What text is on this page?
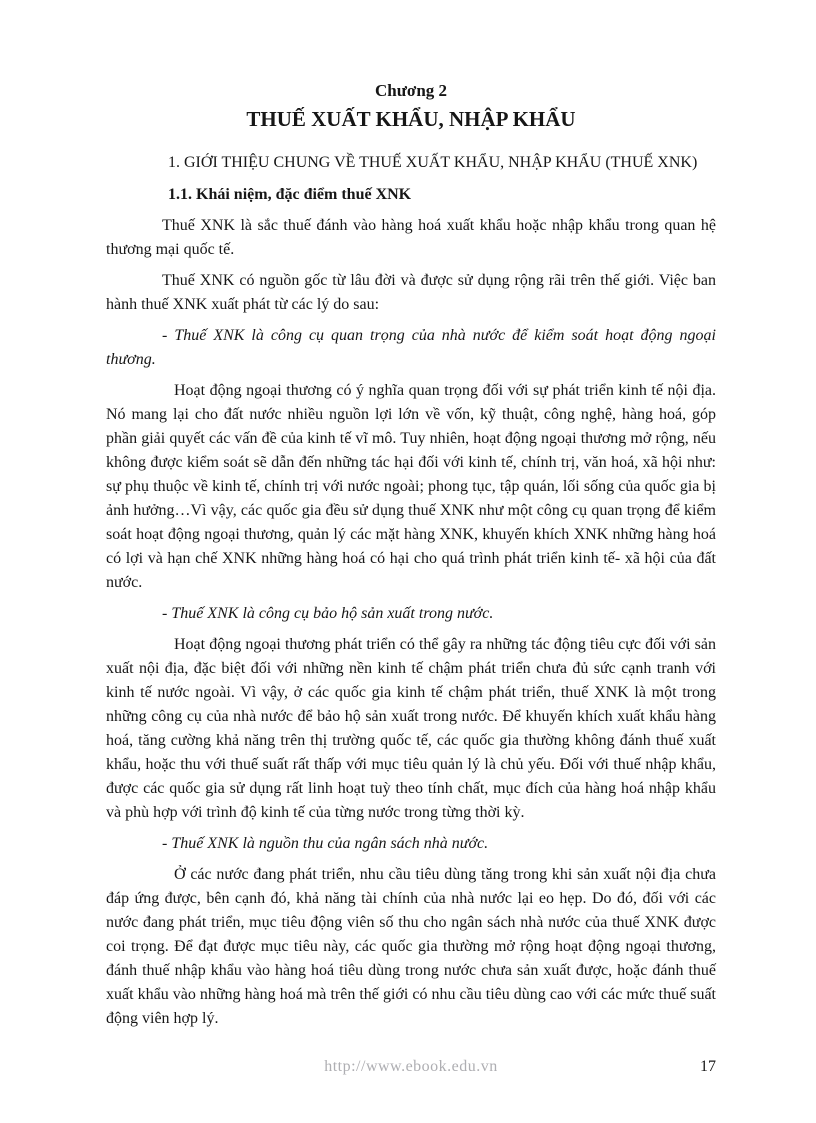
Chương 2

THUẾ XUẤT KHẨU, NHẬP KHẨU

1. GIỚI THIỆU CHUNG VỀ THUẾ XUẤT KHẨU, NHẬP KHẨU (THUẾ XNK)

1.1. Khái niệm, đặc điểm thuế XNK

Thuế XNK là sắc thuế đánh vào hàng hoá xuất khẩu hoặc nhập khẩu trong quan hệ thương mại quốc tế.

Thuế XNK có nguồn gốc từ lâu đời và được sử dụng rộng rãi trên thế giới. Việc ban hành thuế XNK xuất phát từ các lý do sau:

- Thuế XNK là công cụ quan trọng của nhà nước để kiểm soát hoạt động ngoại thương.

Hoạt động ngoại thương có ý nghĩa quan trọng đối với sự phát triển kinh tế nội địa. Nó mang lại cho đất nước nhiều nguồn lợi lớn về vốn, kỹ thuật, công nghệ, hàng hoá, góp phần giải quyết các vấn đề của kinh tế vĩ mô. Tuy nhiên, hoạt động ngoại thương mở rộng, nếu không được kiểm soát sẽ dẫn đến những tác hại đối với kinh tế, chính trị, văn hoá, xã hội như: sự phụ thuộc về kinh tế, chính trị với nước ngoài; phong tục, tập quán, lối sống của quốc gia bị ảnh hưởng…Vì vậy, các quốc gia đều sử dụng thuế XNK như một công cụ quan trọng để kiểm soát hoạt động ngoại thương, quản lý các mặt hàng XNK, khuyến khích XNK những hàng hoá có lợi và hạn chế XNK những hàng hoá có hại cho quá trình phát triển kinh tế- xã hội của đất nước.

- Thuế XNK là công cụ bảo hộ sản xuất trong nước.

Hoạt động ngoại thương phát triển có thể gây ra những tác động tiêu cực đối với sản xuất nội địa, đặc biệt đối với những nền kinh tế chậm phát triển chưa đủ sức cạnh tranh với kinh tế nước ngoài. Vì vậy, ở các quốc gia kinh tế chậm phát triển, thuế XNK là một trong những công cụ của nhà nước để bảo hộ sản xuất trong nước. Để khuyến khích xuất khẩu hàng hoá, tăng cường khả năng trên thị trường quốc tế, các quốc gia thường không đánh thuế xuất khẩu, hoặc thu với thuế suất rất thấp với mục tiêu quản lý là chủ yếu. Đối với thuế nhập khẩu, được các quốc gia sử dụng rất linh hoạt tuỳ theo tính chất, mục đích của hàng hoá nhập khẩu và phù hợp với trình độ kinh tế của từng nước trong từng thời kỳ.

- Thuế XNK là nguồn thu của ngân sách nhà nước.

Ở các nước đang phát triển, nhu cầu tiêu dùng tăng trong khi sản xuất nội địa chưa đáp ứng được, bên cạnh đó, khả năng tài chính của nhà nước lại eo hẹp. Do đó, đối với các nước đang phát triển, mục tiêu động viên số thu cho ngân sách nhà nước của thuế XNK được coi trọng. Để đạt được mục tiêu này, các quốc gia thường mở rộng hoạt động ngoại thương, đánh thuế nhập khẩu vào hàng hoá tiêu dùng trong nước chưa sản xuất được, hoặc đánh thuế xuất khẩu vào những hàng hoá mà trên thế giới có nhu cầu tiêu dùng cao với các mức thuế suất động viên hợp lý.

http://www.ebook.edu.vn	17
